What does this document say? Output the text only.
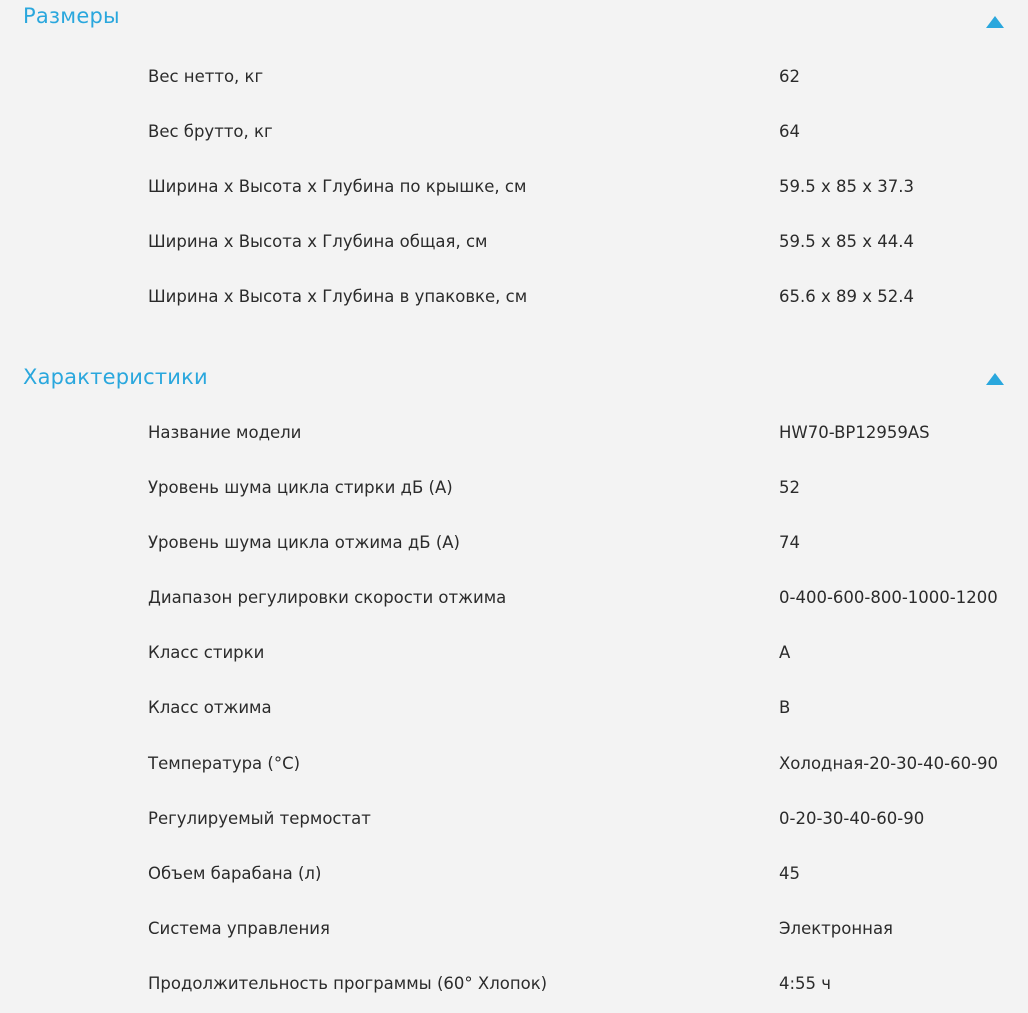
Размеры
Вес нетто, кг	62
Вес брутто, кг	64
Ширина х Высота х Глубина по крышке, см	59.5 x 85 x 37.3
Ширина х Высота х Глубина общая, см	59.5 x 85 x 44.4
Ширина х Высота х Глубина в упаковке, см	65.6 x 89 x 52.4
Характеристики
Название модели	HW70-BP12959AS
Уровень шума цикла стирки дБ (А)	52
Уровень шума цикла отжима дБ (А)	74
Диапазон регулировки скорости отжима	0-400-600-800-1000-1200
Класс стирки	A
Класс отжима	B
Температура (°С)	Холодная-20-30-40-60-90
Регулируемый термостат	0-20-30-40-60-90
Объем барабана (л)	45
Система управления	Электронная
Продолжительность программы (60° Хлопок)	4:55 ч
